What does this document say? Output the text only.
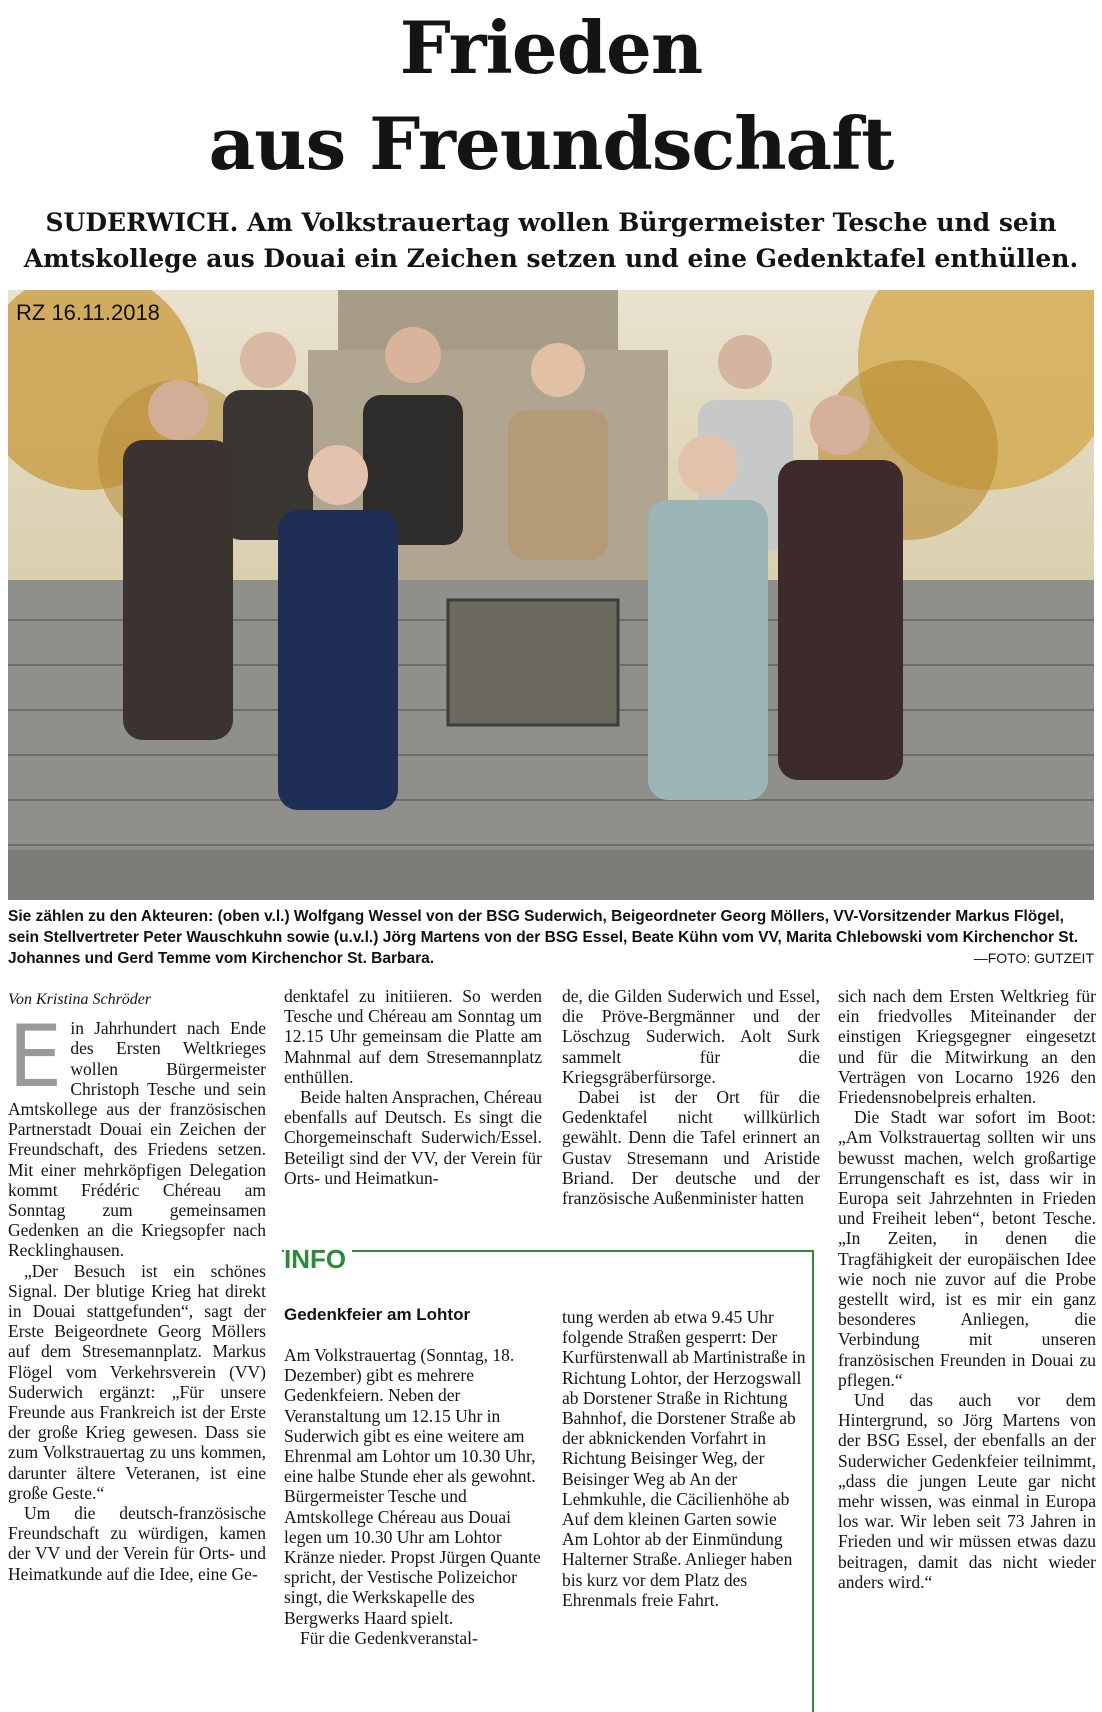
Frieden
aus Freundschaft

SUDERWICH. Am Volkstrauertag wollen Bürgermeister Tesche und sein Amtskollege aus Douai ein Zeichen setzen und eine Gedenktafel enthüllen.

RZ 16.11.2018

Sie zählen zu den Akteuren: (oben v.l.) Wolfgang Wessel von der BSG Suderwich, Beigeordneter Georg Möllers, VV-Vorsitzender Markus Flögel, sein Stellvertreter Peter Wauschkuhn sowie (u.v.l.) Jörg Martens von der BSG Essel, Beate Kühn vom VV, Marita Chlebowski vom Kirchenchor St. Johannes und Gerd Temme vom Kirchenchor St. Barbara.	—FOTO: GUTZEIT

Von Kristina Schröder

Ein Jahrhundert nach Ende des Ersten Weltkrieges wollen Bürgermeister Christoph Tesche und sein Amtskollege aus der französischen Partnerstadt Douai ein Zeichen der Freundschaft, des Friedens setzen. Mit einer mehrköpfigen Delegation kommt Frédéric Chéreau am Sonntag zum gemeinsamen Gedenken an die Kriegsopfer nach Recklinghausen.

„Der Besuch ist ein schönes Signal. Der blutige Krieg hat direkt in Douai stattgefunden“, sagt der Erste Beigeordnete Georg Möllers auf dem Stresemannplatz. Markus Flögel vom Verkehrsverein (VV) Suderwich ergänzt: „Für unsere Freunde aus Frankreich ist der Erste der große Krieg gewesen. Dass sie zum Volkstrauertag zu uns kommen, darunter ältere Veteranen, ist eine große Geste.“

Um die deutsch-französische Freundschaft zu würdigen, kamen der VV und der Verein für Orts- und Heimatkunde auf die Idee, eine Ge-

denktafel zu initiieren. So werden Tesche und Chéreau am Sonntag um 12.15 Uhr gemeinsam die Platte am Mahnmal auf dem Stresemannplatz enthüllen.

Beide halten Ansprachen, Chéreau ebenfalls auf Deutsch. Es singt die Chorgemeinschaft Suderwich/Essel. Beteiligt sind der VV, der Verein für Orts- und Heimatkun-

de, die Gilden Suderwich und Essel, die Pröve-Bergmänner und der Löschzug Suderwich. Aolt Surk sammelt für die Kriegsgräberfürsorge.

Dabei ist der Ort für die Gedenktafel nicht willkürlich gewählt. Denn die Tafel erinnert an Gustav Stresemann und Aristide Briand. Der deutsche und der französische Außenminister hatten

sich nach dem Ersten Weltkrieg für ein friedvolles Miteinander der einstigen Kriegsgegner eingesetzt und für die Mitwirkung an den Verträgen von Locarno 1926 den Friedensnobelpreis erhalten.

Die Stadt war sofort im Boot: „Am Volkstrauertag sollten wir uns bewusst machen, welch großartige Errungenschaft es ist, dass wir in Europa seit Jahrzehnten in Frieden und Freiheit leben“, betont Tesche. „In Zeiten, in denen die Tragfähigkeit der europäischen Idee wie noch nie zuvor auf die Probe gestellt wird, ist es mir ein ganz besonderes Anliegen, die Verbindung mit unseren französischen Freunden in Douai zu pflegen.“

Und das auch vor dem Hintergrund, so Jörg Martens von der BSG Essel, der ebenfalls an der Suderwicher Gedenkfeier teilnimmt, „dass die jungen Leute gar nicht mehr wissen, was einmal in Europa los war. Wir leben seit 73 Jahren in Frieden und wir müssen etwas dazu beitragen, damit das nicht wieder anders wird.“

INFO
Gedenkfeier am Lohtor

Am Volkstrauertag (Sonntag, 18. Dezember) gibt es mehrere Gedenkfeiern. Neben der Veranstaltung um 12.15 Uhr in Suderwich gibt es eine weitere am Ehrenmal am Lohtor um 10.30 Uhr, eine halbe Stunde eher als gewohnt. Bürgermeister Tesche und Amtskollege Chéreau aus Douai legen um 10.30 Uhr am Lohtor Kränze nieder. Propst Jürgen Quante spricht, der Vestische Polizeichor singt, die Werkskapelle des Bergwerks Haard spielt.

Für die Gedenkveranstal-

tung werden ab etwa 9.45 Uhr folgende Straßen gesperrt: Der Kurfürstenwall ab Martinistraße in Richtung Lohtor, der Herzogswall ab Dorstener Straße in Richtung Bahnhof, die Dorstener Straße ab der abknickenden Vorfahrt in Richtung Beisinger Weg, der Beisinger Weg ab An der Lehmkuhle, die Cäcilienhöhe ab Auf dem kleinen Garten sowie Am Lohtor ab der Einmündung Halterner Straße. Anlieger haben bis kurz vor dem Platz des Ehrenmals freie Fahrt.
